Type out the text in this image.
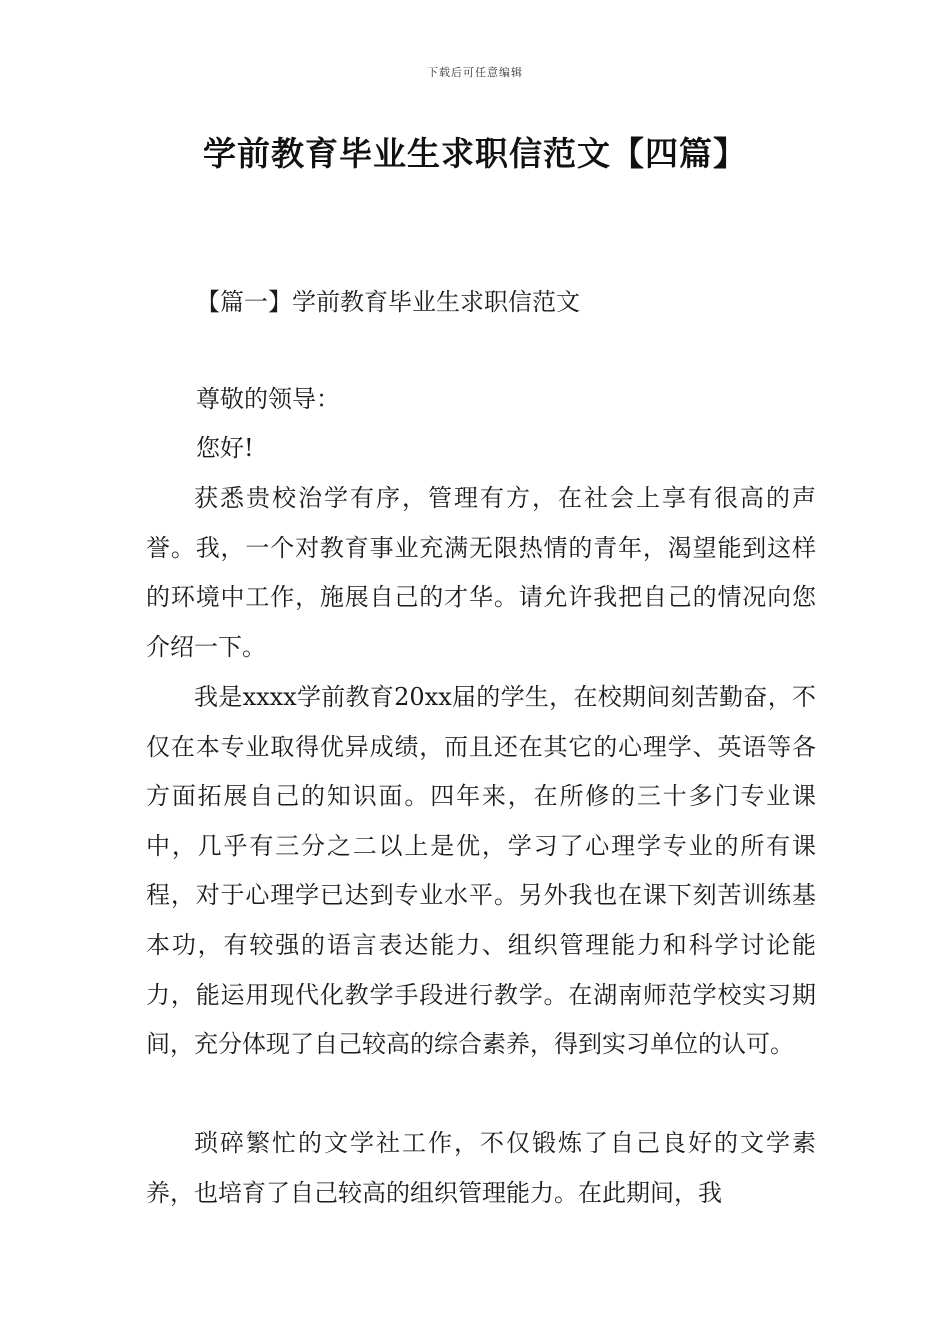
下载后可任意编辑
学前教育毕业生求职信范文【四篇】
【篇一】学前教育毕业生求职信范文

尊敬的领导：

您好!

获悉贵校治学有序，管理有方，在社会上享有很高的声誉。我，一个对教育事业充满无限热情的青年，渴望能到这样的环境中工作，施展自己的才华。请允许我把自己的情况向您介绍一下。

我是xxxx学前教育20xx届的学生，在校期间刻苦勤奋，不仅在本专业取得优异成绩，而且还在其它的心理学、英语等各方面拓展自己的知识面。四年来，在所修的三十多门专业课中，几乎有三分之二以上是优，学习了心理学专业的所有课程，对于心理学已达到专业水平。另外我也在课下刻苦训练基本功，有较强的语言表达能力、组织管理能力和科学讨论能力，能运用现代化教学手段进行教学。在湖南师范学校实习期间，充分体现了自己较高的综合素养，得到实习单位的认可。

琐碎繁忙的文学社工作，不仅锻炼了自己良好的文学素养，也培育了自己较高的组织管理能力。在此期间，我
